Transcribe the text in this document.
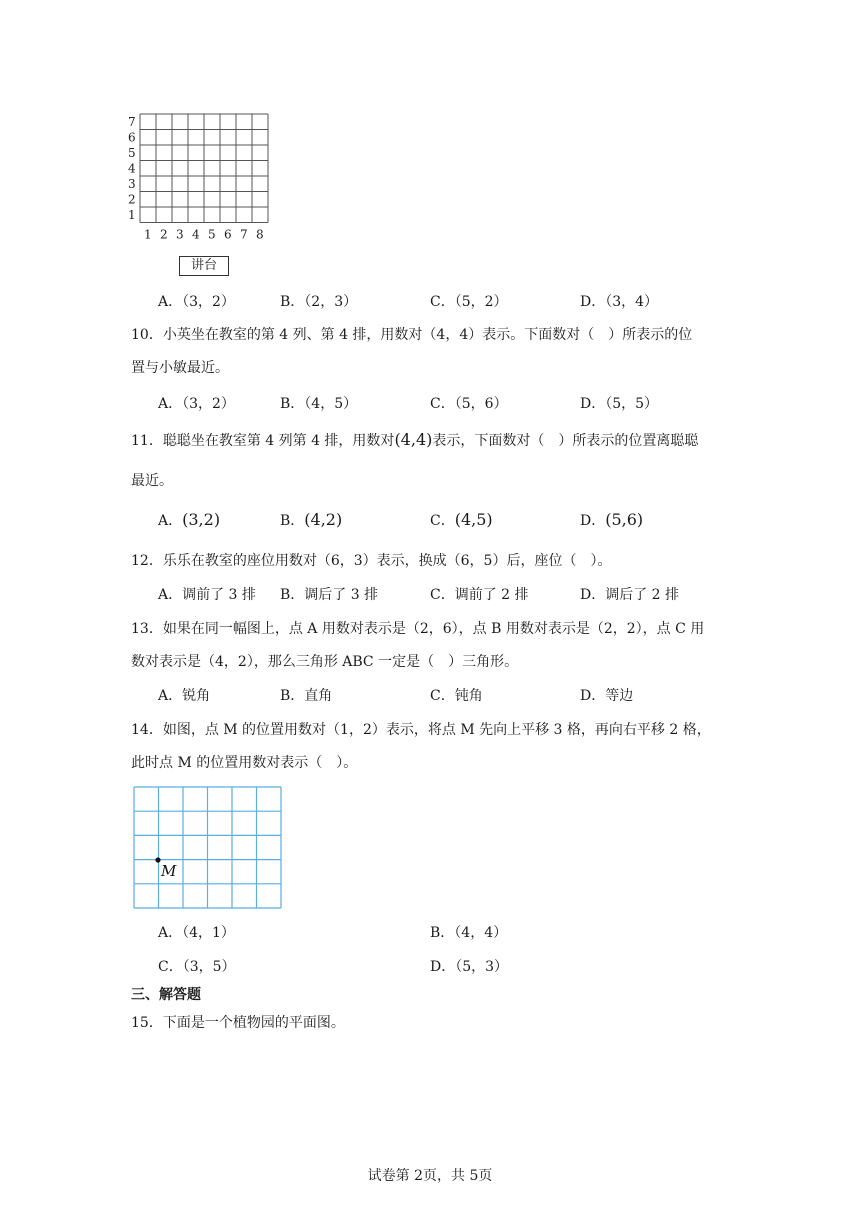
7
6
5
4
3
2
1
1 2 3 4 5 6 7 8
讲台
A．（3，2）	B．（2，3）	C．（5，2）	D．（3，4）
10．小英坐在教室的第 4 列、第 4 排，用数对（4，4）表示。下面数对（　）所表示的位
置与小敏最近。
A．（3，2）	B．（4，5）	C．（5，6）	D．（5，5）
11．聪聪坐在教室第 4 列第 4 排，用数对(4,4)表示，下面数对（　）所表示的位置离聪聪
最近。
A．(3,2)	B．(4,2)	C．(4,5)	D．(5,6)
12．乐乐在教室的座位用数对（6，3）表示，换成（6，5）后，座位（　）。
A．调前了 3 排 B．调后了 3 排	C．调前了 2 排	D．调后了 2 排
13．如果在同一幅图上，点 A 用数对表示是（2，6），点 B 用数对表示是（2，2），点 C 用
数对表示是（4，2），那么三角形 ABC 一定是（　）三角形。
A．锐角	B．直角	C．钝角	D．等边
14．如图，点 M 的位置用数对（1，2）表示，将点 M 先向上平移 3 格，再向右平移 2 格，
此时点 M 的位置用数对表示（　）。
M
A．（4，1）	B．（4，4）
C．（3，5）	D．（5，3）
三、解答题
15．下面是一个植物园的平面图。
试卷第 2页，共 5页
